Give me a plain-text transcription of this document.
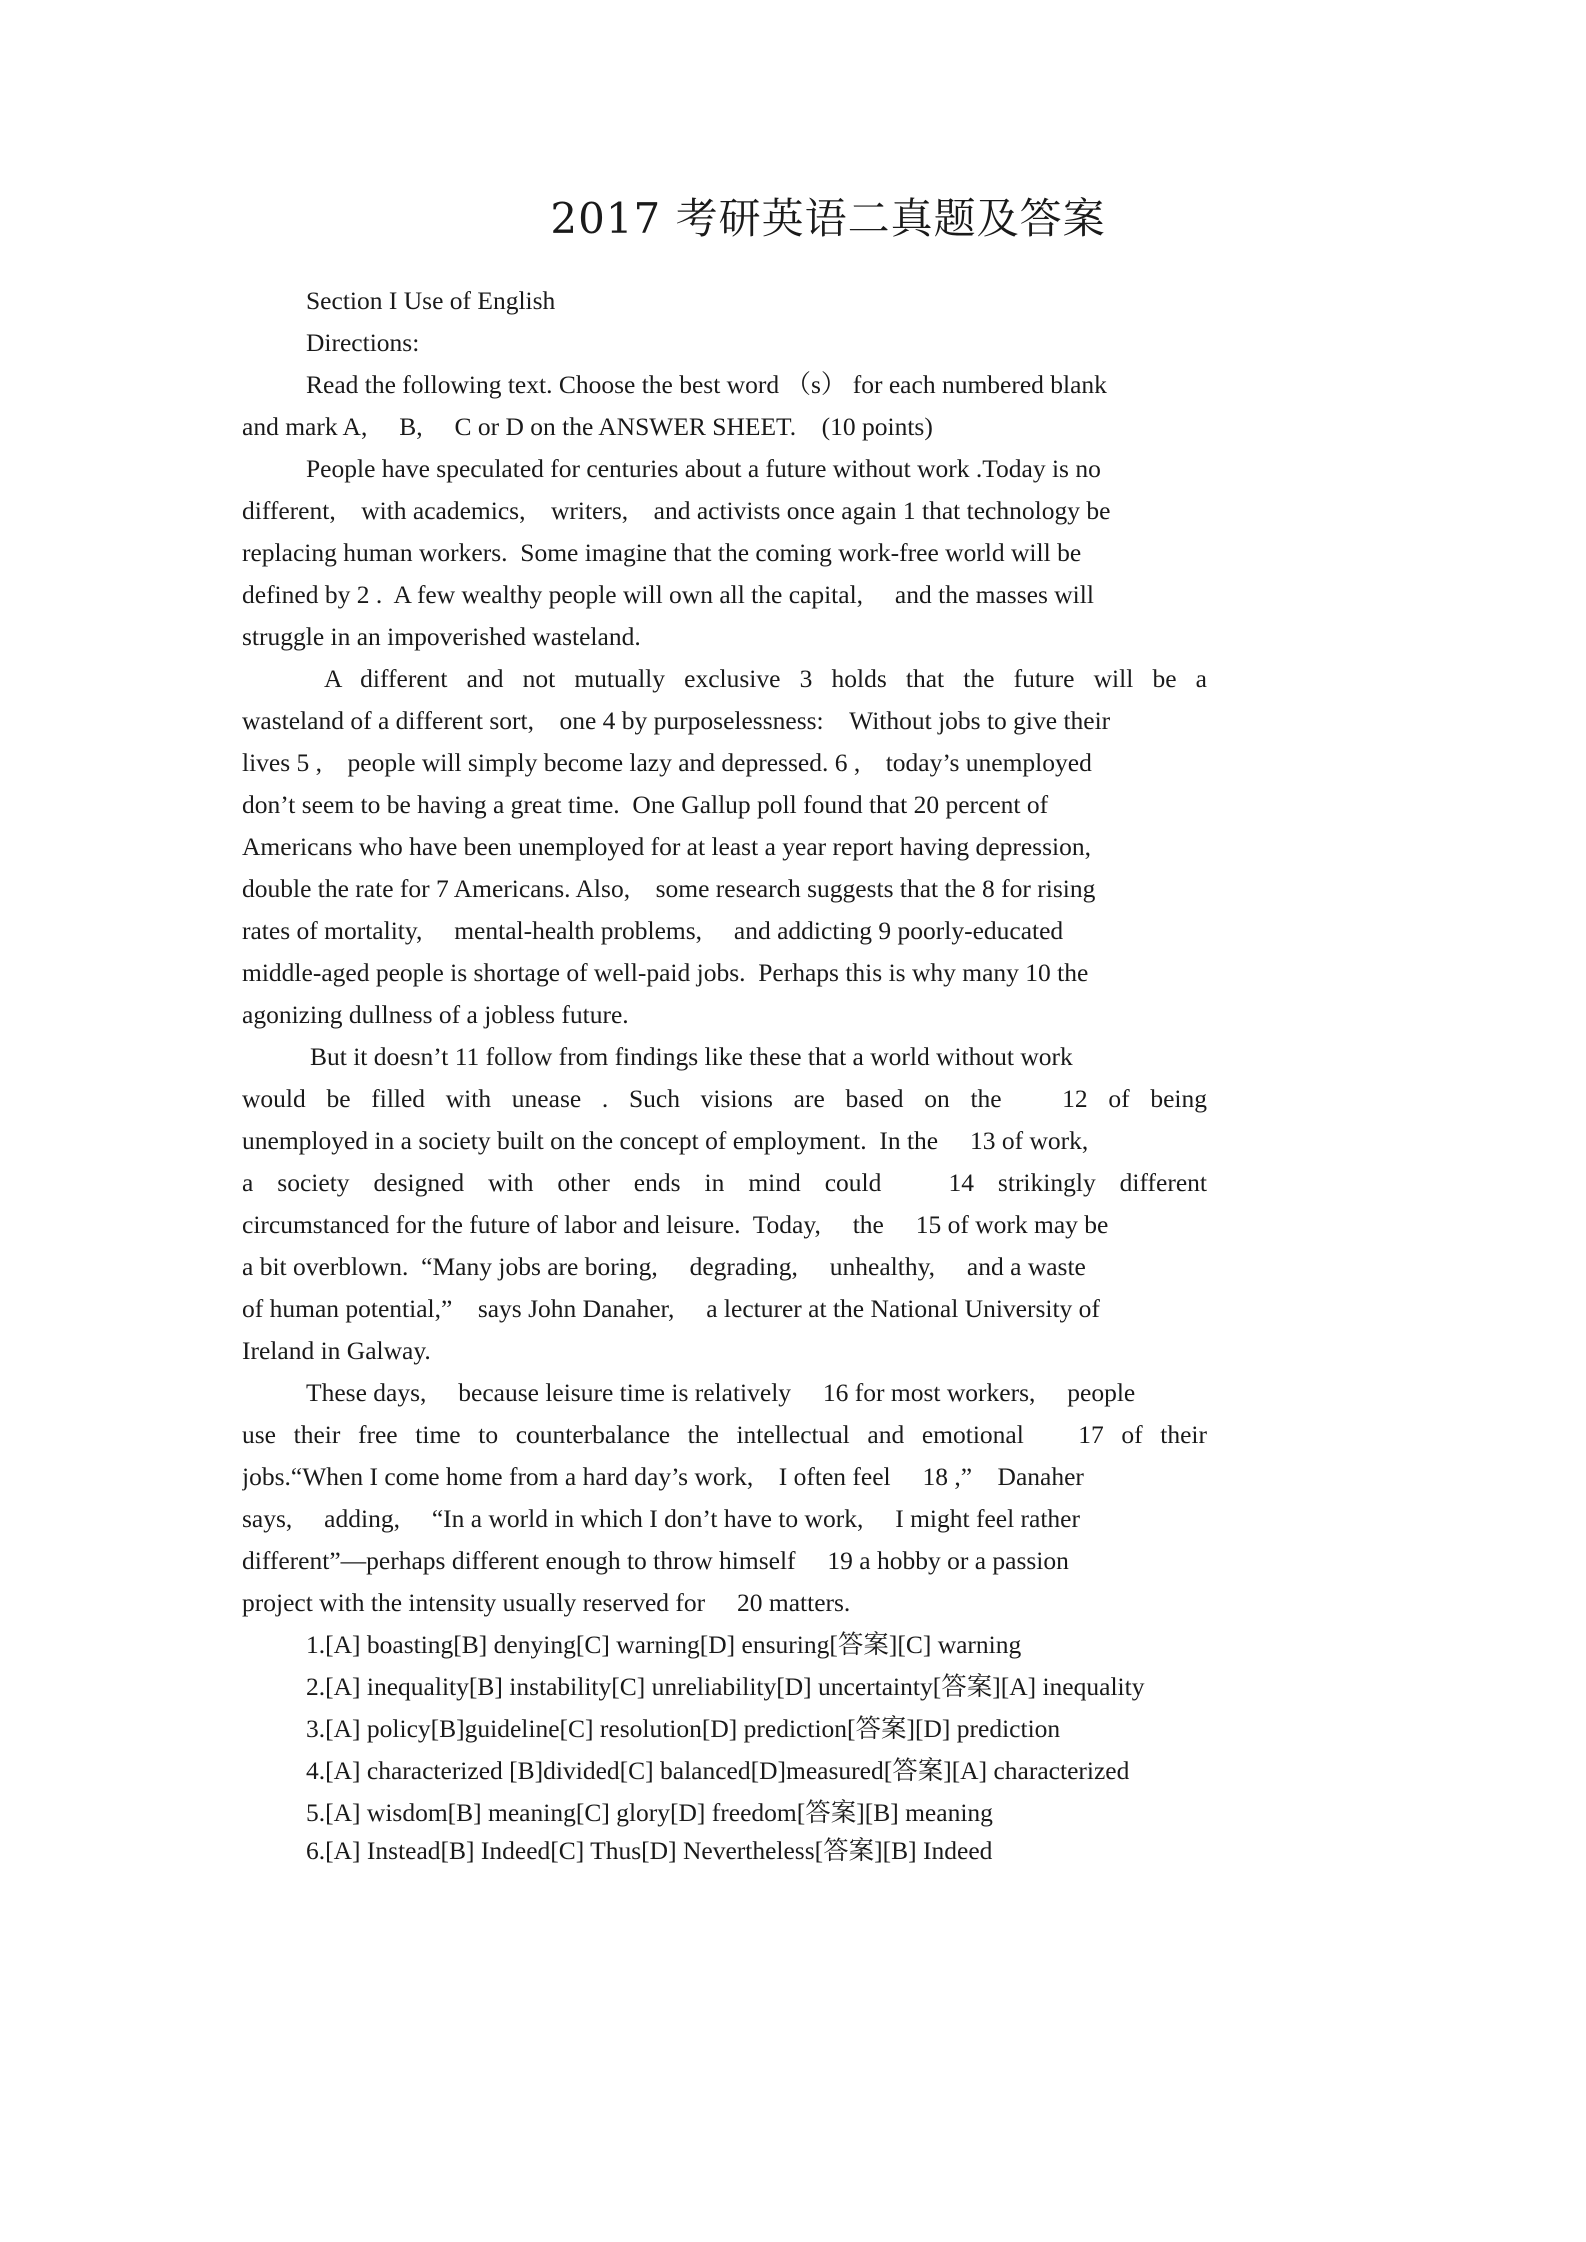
2017 考研英语二真题及答案
Section I Use of English
Directions:
Read the following text. Choose the best word （s） for each numbered blank
and mark A,　 B,　 C or D on the ANSWER SHEET.　(10 points)
People have speculated for centuries about a future without work .Today is no
different,　with academics,　writers,　and activists once again 1 that technology be
replacing human workers.  Some imagine that the coming work-free world will be
defined by 2 .  A few wealthy people will own all the capital,　 and the masses will
struggle in an impoverished wasteland.
A different and not mutually exclusive 3 holds that the future will be a
wasteland of a different sort,　one 4 by purposelessness:　Without jobs to give their
lives 5 ,　people will simply become lazy and depressed. 6 ,　today’s unemployed
don’t seem to be having a great time.  One Gallup poll found that 20 percent of
Americans who have been unemployed for at least a year report having depression,
double the rate for 7 Americans. Also,　some research suggests that the 8 for rising
rates of mortality,　 mental-health problems,　 and addicting 9 poorly-educated
middle-aged people is shortage of well-paid jobs.  Perhaps this is why many 10 the
agonizing dullness of a jobless future.
But it doesn’t 11 follow from findings like these that a world without work
would be filled with unease . Such visions are based on the 　12 of being
unemployed in a society built on the concept of employment.  In the 　13 of work,
a society designed with other ends in mind could 　14 strikingly different
circumstanced for the future of labor and leisure.  Today,　 the 　15 of work may be
a bit overblown.  “Many jobs are boring,　 degrading,　 unhealthy,　 and a waste
of human potential,”　says John Danaher,　 a lecturer at the National University of
Ireland in Galway.
These days,　 because leisure time is relatively 　16 for most workers,　 people
use their free time to counterbalance the intellectual and emotional 　17 of their
jobs.“When I come home from a hard day’s work,　I often feel 　18 ,”　Danaher
says,　 adding,　 “In a world in which I don’t have to work,　 I might feel rather
different”—perhaps different enough to throw himself 　19 a hobby or a passion
project with the intensity usually reserved for 　20 matters.
1.[A] boasting[B] denying[C] warning[D] ensuring[答案][C] warning
2.[A] inequality[B] instability[C] unreliability[D] uncertainty[答案][A] inequality
3.[A] policy[B]guideline[C] resolution[D] prediction[答案][D] prediction
4.[A] characterized [B]divided[C] balanced[D]measured[答案][A] characterized
5.[A] wisdom[B] meaning[C] glory[D] freedom[答案][B] meaning
6.[A] Instead[B] Indeed[C] Thus[D] Nevertheless[答案][B] Indeed
